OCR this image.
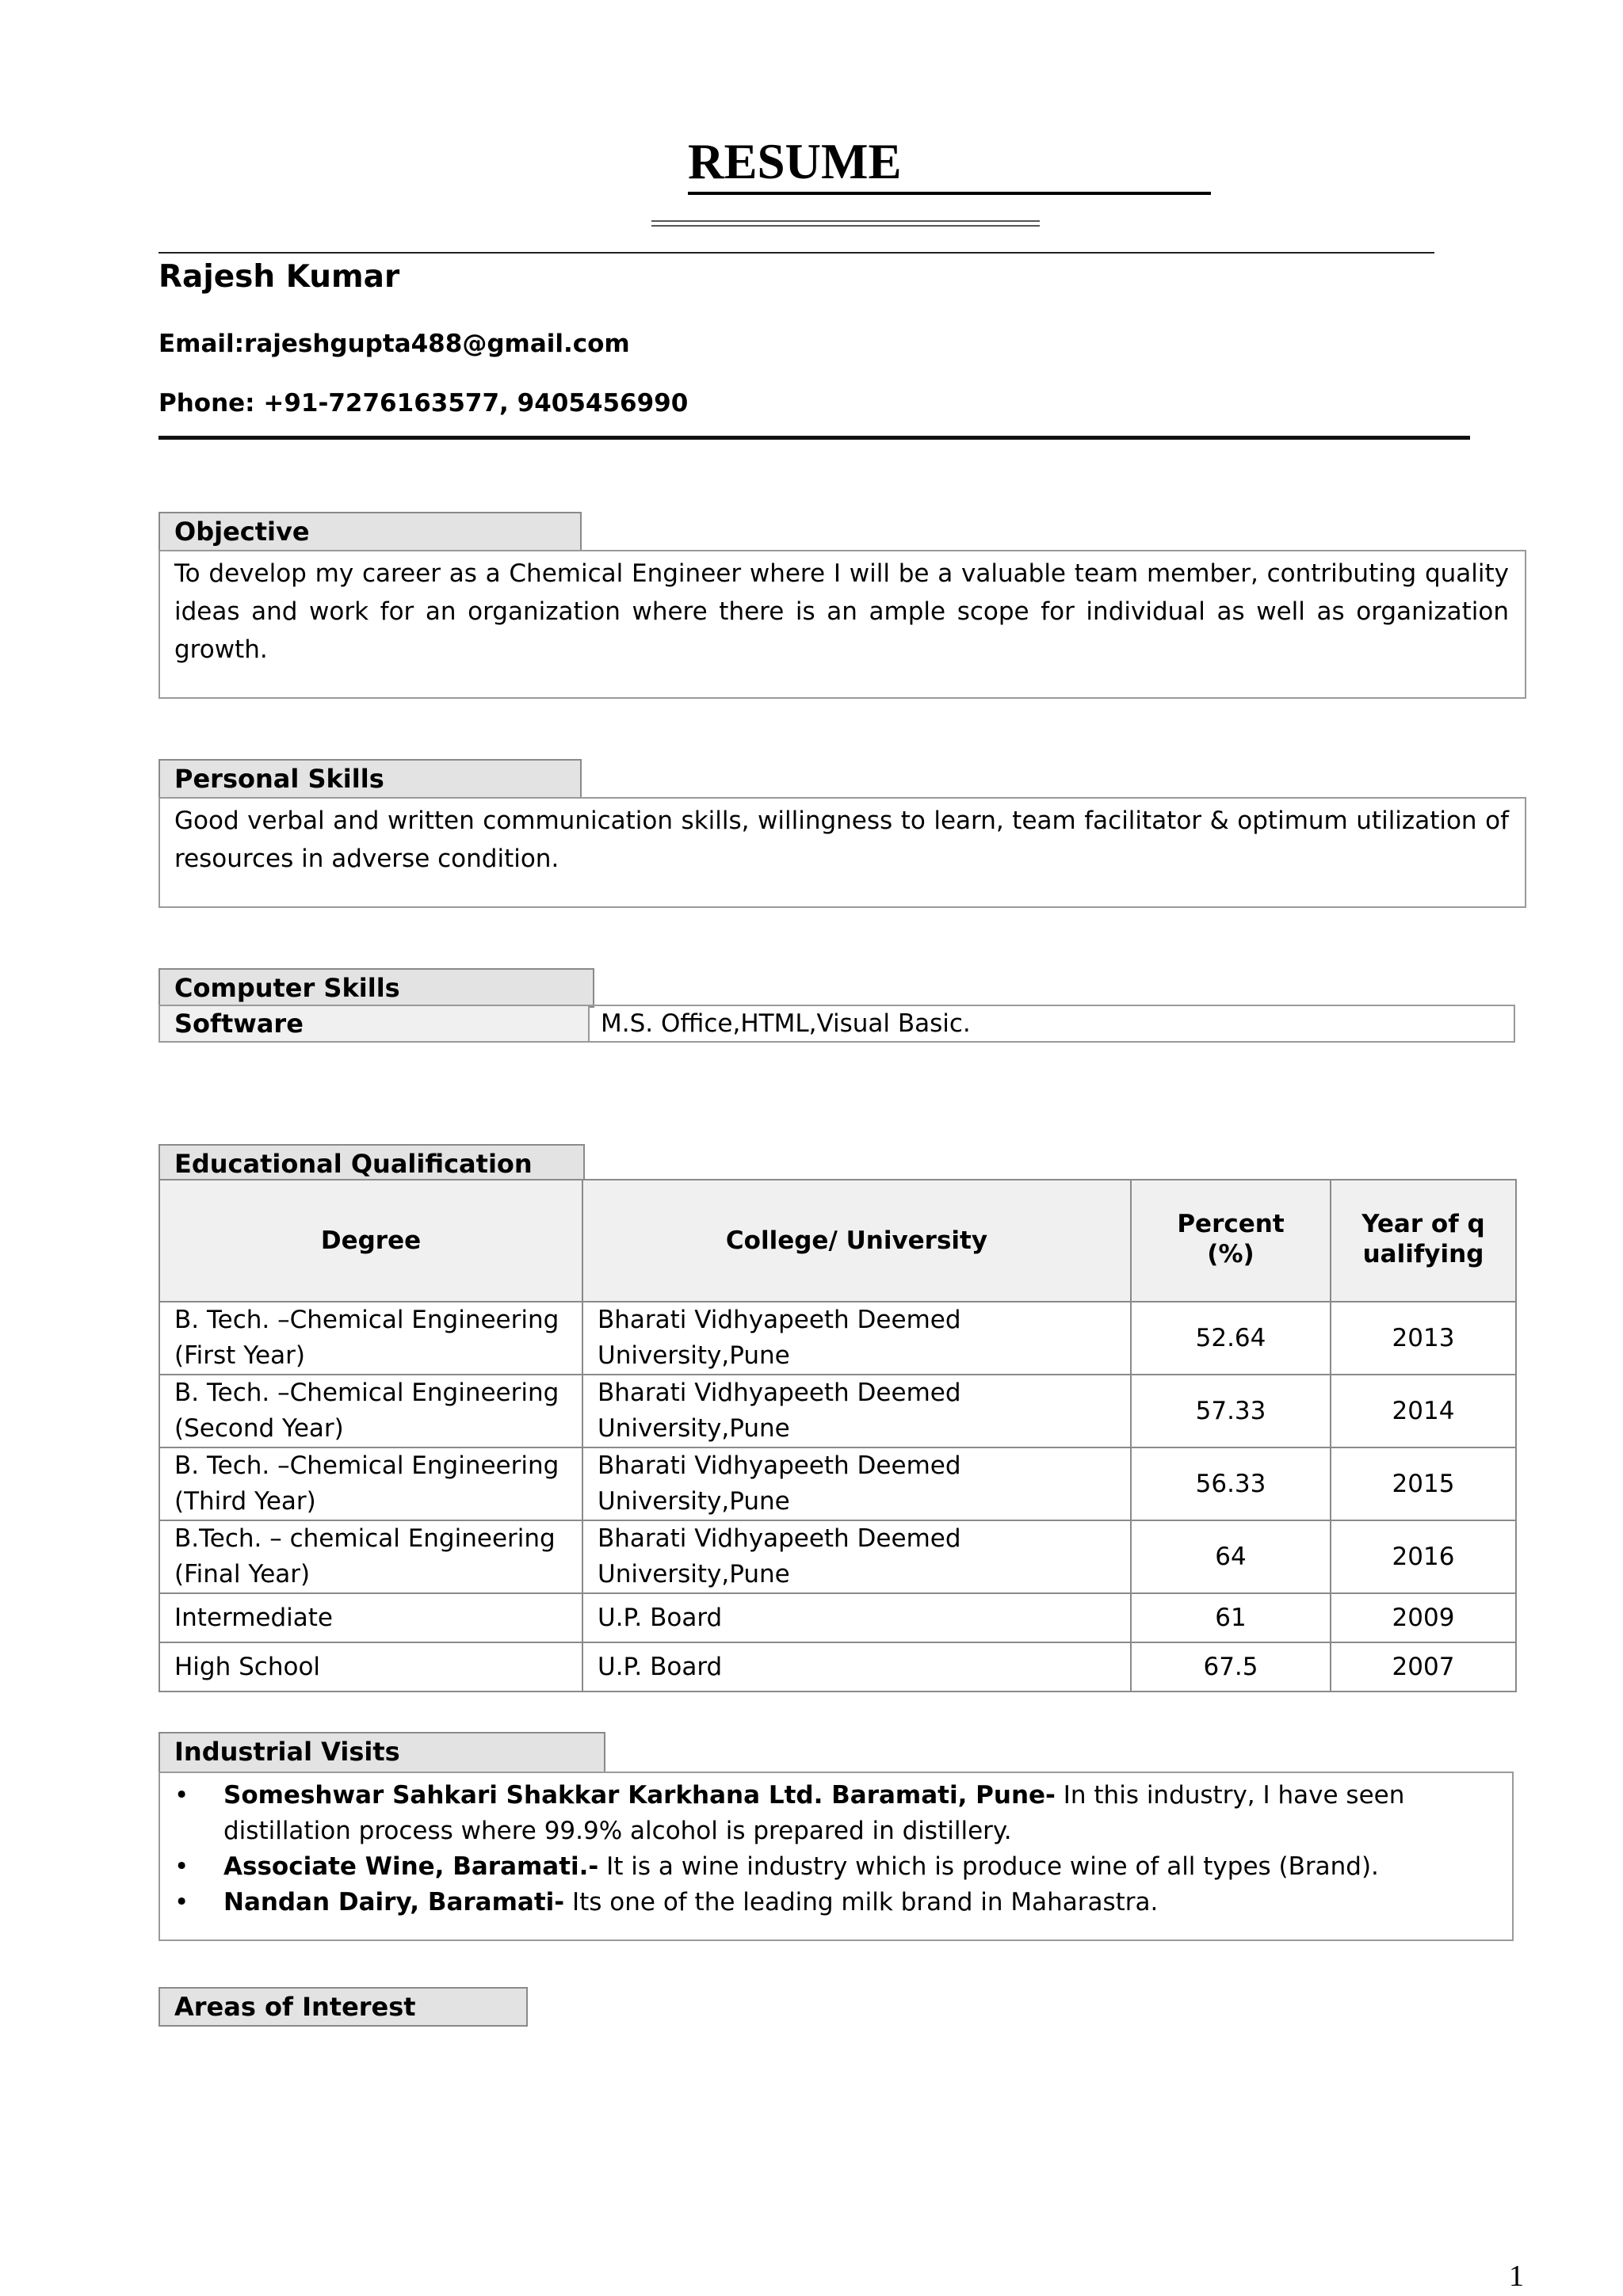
RESUME
Rajesh Kumar
Email:rajeshgupta488@gmail.com
Phone: +91-7276163577, 9405456990
Objective
To develop my career as a Chemical Engineer where I will be a valuable team member, contributing quality ideas and work for an organization where there is an ample scope for individual as well as organization growth.
Personal Skills
Good verbal and written communication skills, willingness to learn, team facilitator & optimum utilization of resources in adverse condition.
Computer Skills
Software	M.S. Office,HTML,Visual Basic.
Educational Qualification
Degree	College/ University	Percent (%)	Year of qualifying
B. Tech. –Chemical Engineering (First Year)	Bharati Vidhyapeeth Deemed University,Pune	52.64	2013
B. Tech. –Chemical Engineering (Second Year)	Bharati Vidhyapeeth Deemed University,Pune	57.33	2014
B. Tech. –Chemical Engineering (Third Year)	Bharati Vidhyapeeth Deemed University,Pune	56.33	2015
B.Tech. – chemical Engineering (Final Year)	Bharati Vidhyapeeth Deemed University,Pune	64	2016
Intermediate	U.P. Board	61	2009
High School	U.P. Board	67.5	2007
Industrial Visits
• Someshwar Sahkari Shakkar Karkhana Ltd. Baramati, Pune- In this industry, I have seen distillation process where 99.9% alcohol is prepared in distillery.
• Associate Wine, Baramati.- It is a wine industry which is produce wine of all types (Brand).
• Nandan Dairy, Baramati- Its one of the leading milk brand in Maharastra.
Areas of Interest
1
